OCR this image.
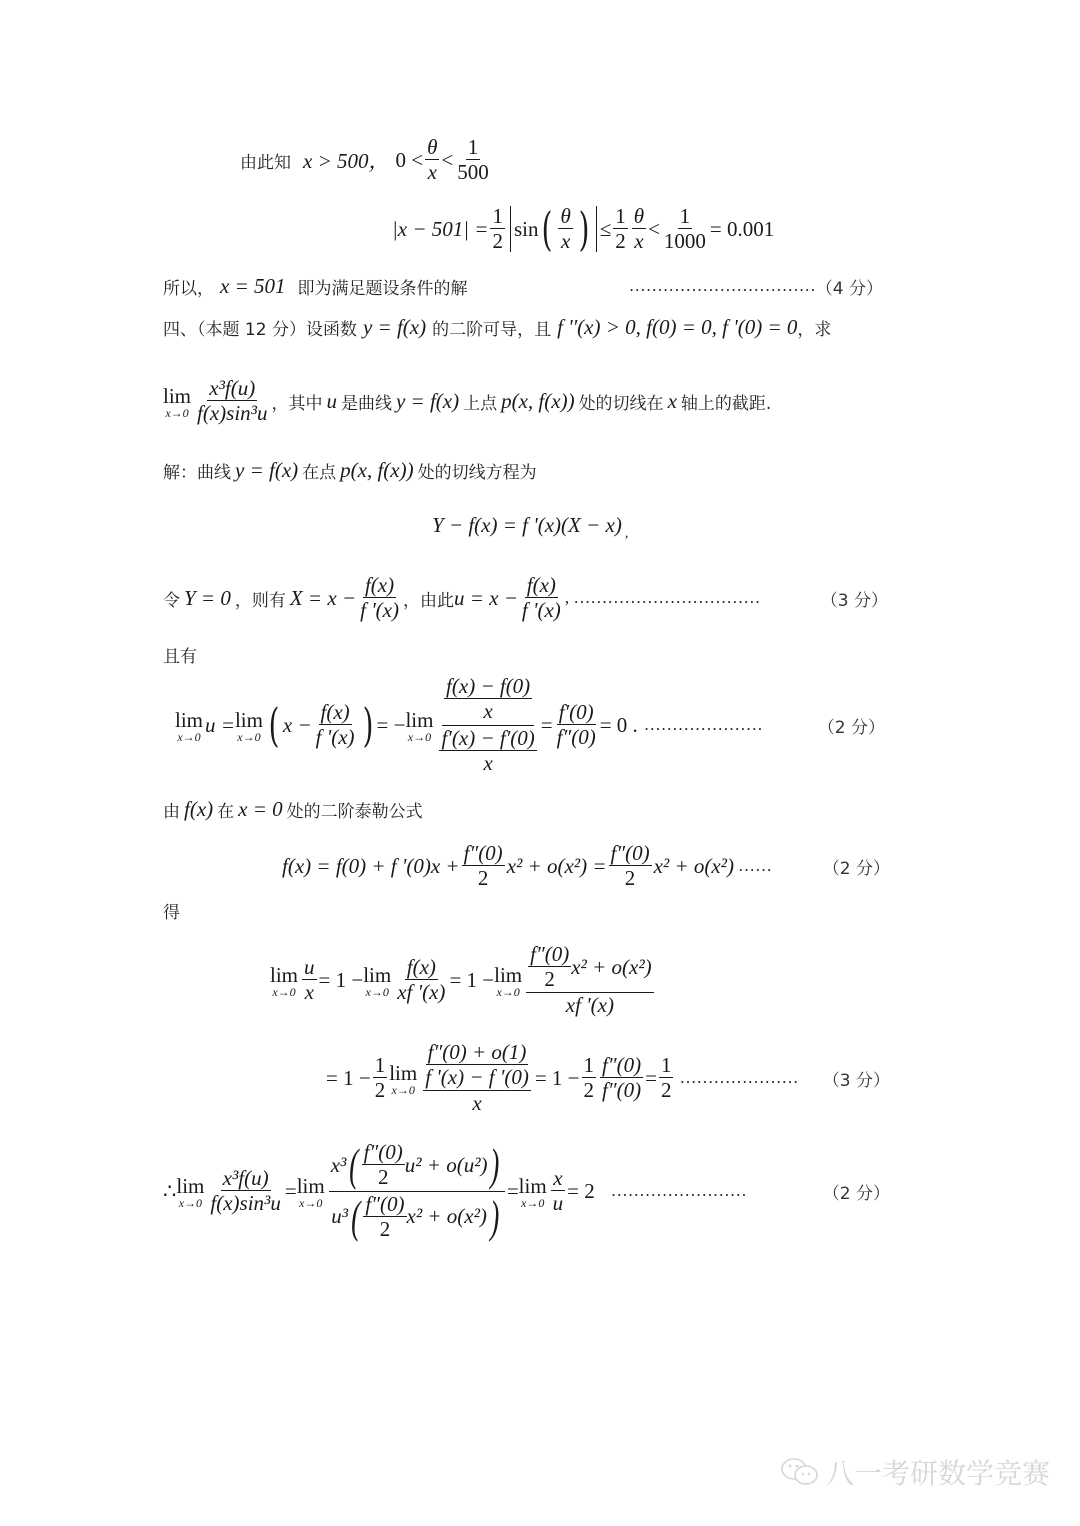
由此知 x > 500， $0 < \frac{\theta}{x} < \frac{1}{500}$
$|x - 501| = \frac{1}{2}$ sin ( $\frac{\theta}{x}$ ) ≤ $\frac{1}{2} \frac{\theta}{x} < \frac{1}{1000} = 0.001$
所以， x = 501 即为满足题设条件的解	…………………………… （4 分）
四、（本题 12 分）设函数 y = f(x) 的二阶可导，且 f ''(x) > 0, f(0) = 0, f '(0) = 0 ，求
lim
$x\to 0 \frac{\text{x³f(u)}}{\text{f(x)sin³u}}$ ，其中 u 是曲线 y = f(x) 上点 p(x, f(x)) 处的切线在 x 轴上的截距.
解：曲线 y = f(x) 在点 p(x, f(x)) 处的切线方程为
Y − f(x) = f '(x)(X − x) ,
令 Y = 0 ，则有 $X = x - \frac{f(x)}{f '(x)}$ ，由此 $u = x - \frac{f(x)}{f '(x)}$ , ……………………………	（3 分）
且有
lim
x→0 u = lim
x→0 ( $x - \frac{f(x)}{f '(x)}$ ) = − lim
$x\to 0 \frac{\frac{f(x) - f(0)}{x}}{\frac{f'(x) - f'(0)}{x}} = \frac{f'(0)}{f''(0)} = 0$ . …………………	（2 分）
由 f(x) 在 x = 0 处的二阶泰勒公式
f(x) = f(0) + f '$(0)x + \frac{f''(0)}{2} x^2 + o(x^2) = \frac{f''(0)}{2} x^2 + o(x^2)$ ……	（2 分）
得
lim
$x\to 0 \frac{u}{x} = 1 - \lim$
$x\to 0 \frac{f(x)}{xf '(x)} = 1 - \lim$
$x\to 0 \frac{\frac{f''(0)}{2} x^2 + o(x^2)}{xf '(x)}$
= $1 - \frac{1}{2}$ lim
$x\to 0 \frac{f''(0) + o(1)}{\frac{f '(x) - f '(0)}{x}} = 1 - \frac{1}{2} \frac{f''(0)}{f''(0)} = \frac{1}{2}$ ………………… （3 分）
∴ lim
$x\to 0 \frac{\text{x³f(u)}}{\text{f(x)sin³u}} = \lim$
$x\to 0 \frac{x^3 ( \frac{f''(0)}{2} u^2 + o(u^2) )}{u^3 ( \frac{f''(0)}{2} x^2 + o(x^2) )} = \lim$
$x\to 0 \frac{x}{u} = 2$ ……………………	（2 分）
八一考研数学竞赛
